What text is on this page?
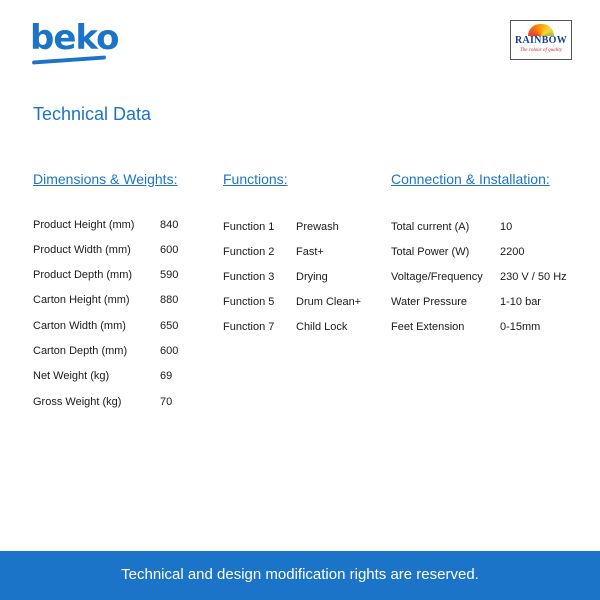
beko	RAINBOW
The colour of quality
Technical Data
Dimensions & Weights:	Functions:	Connection & Installation:
Product Height (mm) 840
Product Width (mm)	600
Product Depth (mm)	590
Carton Height (mm)	880
Carton Width (mm)	650
Carton Depth (mm)	600
Net Weight (kg)	69
Gross Weight (kg)	70
Function 1 Prewash
Function 2 Fast+
Function 3 Drying
Function 5 Drum Clean+
Function 7 Child Lock
Total current (A)	10
Total Power (W)	2200
Voltage/Frequency 230 V / 50 Hz
Water Pressure	1-10 bar
Feet Extension	0-15mm
Technical and design modification rights are reserved.
